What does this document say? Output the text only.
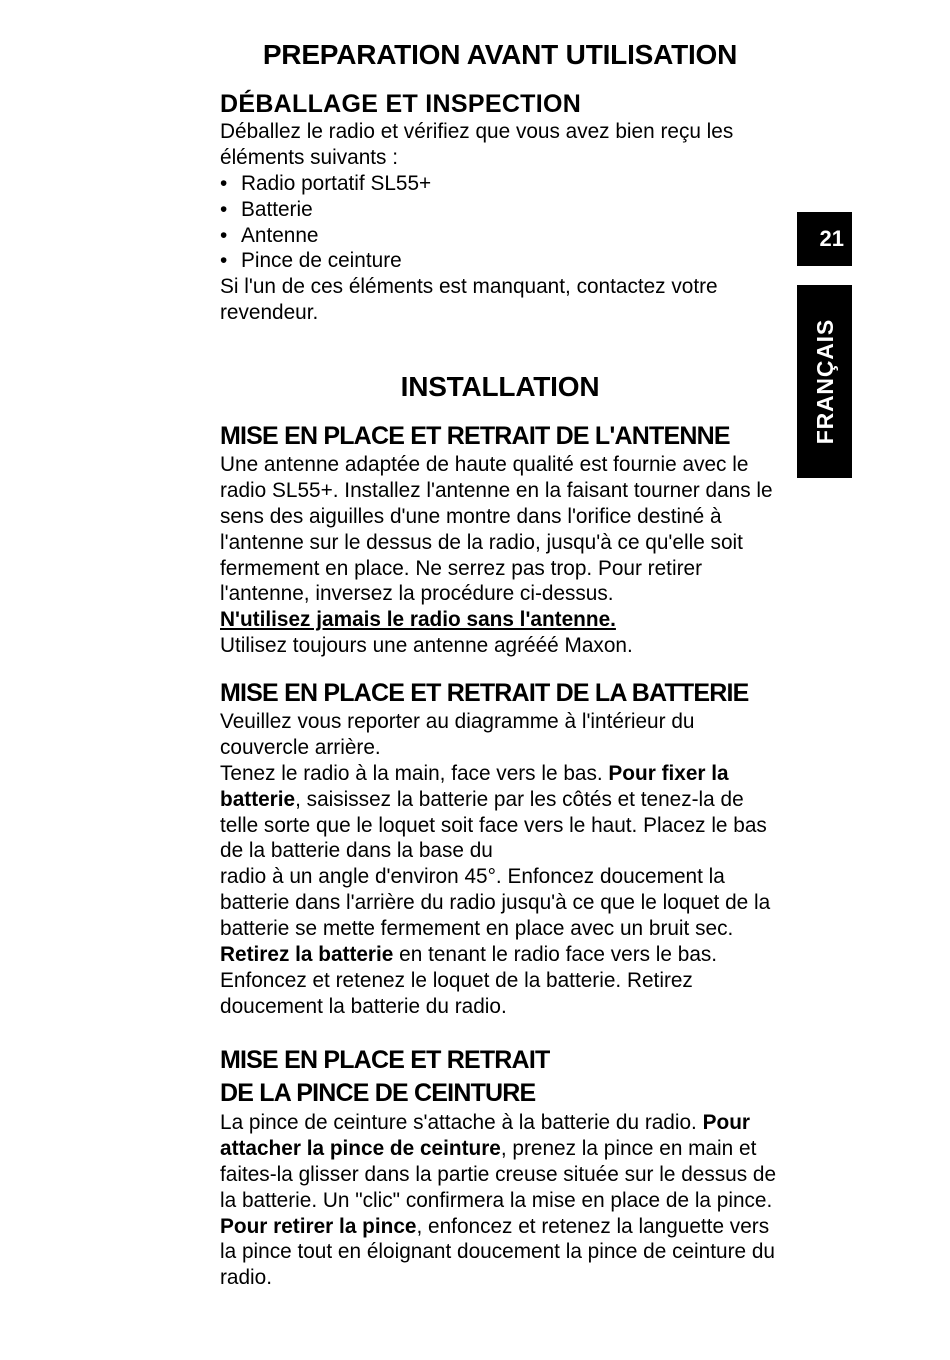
PREPARATION AVANT UTILISATION
DÉBALLAGE ET INSPECTION
Déballez le radio et vérifiez que vous avez bien reçu les
éléments suivants :
• Radio portatif SL55+
• Batterie
• Antenne
• Pince de ceinture
Si l'un de ces éléments est manquant, contactez votre
revendeur.
INSTALLATION
MISE EN PLACE ET RETRAIT DE L'ANTENNE
Une antenne adaptée de haute qualité est fournie avec le
radio SL55+. Installez l'antenne en la faisant tourner dans le
sens des aiguilles d'une montre dans l'orifice destiné à
l'antenne sur le dessus de la radio, jusqu'à ce qu'elle soit
fermement en place. Ne serrez pas trop. Pour retirer
l'antenne, inversez la procédure ci-dessus.
N'utilisez jamais le radio sans l'antenne.
Utilisez toujours une antenne agrééé Maxon.
MISE EN PLACE ET RETRAIT DE LA BATTERIE
Veuillez vous reporter au diagramme à l'intérieur du
couvercle arrière.
Tenez le radio à la main, face vers le bas. Pour fixer la
batterie, saisissez la batterie par les côtés et tenez-la de
telle sorte que le loquet soit face vers le haut. Placez le bas
de la batterie dans la base du
radio à un angle d'environ 45°. Enfoncez doucement la
batterie dans l'arrière du radio jusqu'à ce que le loquet de la
batterie se mette fermement en place avec un bruit sec.
Retirez la batterie en tenant le radio face vers le bas.
Enfoncez et retenez le loquet de la batterie. Retirez
doucement la batterie du radio.
MISE EN PLACE ET RETRAIT
DE LA PINCE DE CEINTURE
La pince de ceinture s'attache à la batterie du radio. Pour
attacher la pince de ceinture, prenez la pince en main et
faites-la glisser dans la partie creuse située sur le dessus de
la batterie. Un "clic" confirmera la mise en place de la pince.
Pour retirer la pince, enfoncez et retenez la languette vers
la pince tout en éloignant doucement la pince de ceinture du
radio.
21
FRANÇAIS
